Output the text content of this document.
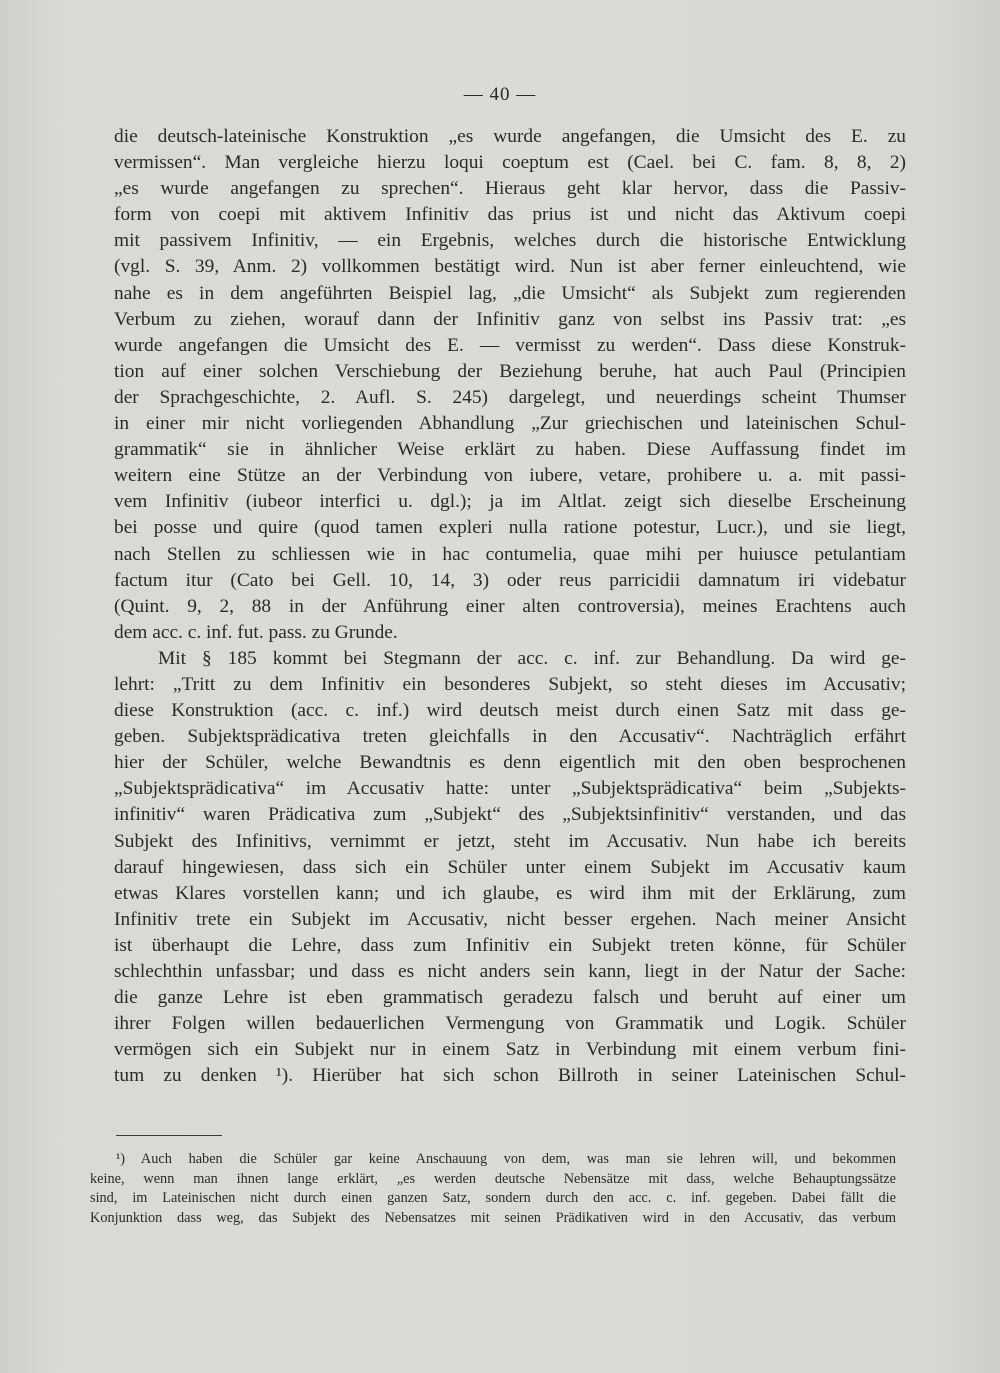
— 40 —
die deutsch-lateinische Konstruktion „es wurde angefangen, die Umsicht des E. zu
vermissen“. Man vergleiche hierzu loqui coeptum est (Cael. bei C. fam. 8, 8, 2)
„es wurde angefangen zu sprechen“. Hieraus geht klar hervor, dass die Passiv-
form von coepi mit aktivem Infinitiv das prius ist und nicht das Aktivum coepi
mit passivem Infinitiv, — ein Ergebnis, welches durch die historische Entwicklung
(vgl. S. 39, Anm. 2) vollkommen bestätigt wird. Nun ist aber ferner einleuchtend, wie
nahe es in dem angeführten Beispiel lag, „die Umsicht“ als Subjekt zum regierenden
Verbum zu ziehen, worauf dann der Infinitiv ganz von selbst ins Passiv trat: „es
wurde angefangen die Umsicht des E. — vermisst zu werden“. Dass diese Konstruk-
tion auf einer solchen Verschiebung der Beziehung beruhe, hat auch Paul (Principien
der Sprachgeschichte, 2. Aufl. S. 245) dargelegt, und neuerdings scheint Thumser
in einer mir nicht vorliegenden Abhandlung „Zur griechischen und lateinischen Schul-
grammatik“ sie in ähnlicher Weise erklärt zu haben. Diese Auffassung findet im
weitern eine Stütze an der Verbindung von iubere, vetare, prohibere u. a. mit passi-
vem Infinitiv (iubeor interfici u. dgl.); ja im Altlat. zeigt sich dieselbe Erscheinung
bei posse und quire (quod tamen expleri nulla ratione potestur, Lucr.), und sie liegt,
nach Stellen zu schliessen wie in hac contumelia, quae mihi per huiusce petulantiam
factum itur (Cato bei Gell. 10, 14, 3) oder reus parricidii damnatum iri videbatur
(Quint. 9, 2, 88 in der Anführung einer alten controversia), meines Erachtens auch
dem acc. c. inf. fut. pass. zu Grunde.
Mit § 185 kommt bei Stegmann der acc. c. inf. zur Behandlung. Da wird ge-
lehrt: „Tritt zu dem Infinitiv ein besonderes Subjekt, so steht dieses im Accusativ;
diese Konstruktion (acc. c. inf.) wird deutsch meist durch einen Satz mit dass ge-
geben. Subjektsprädicativa treten gleichfalls in den Accusativ“. Nachträglich erfährt
hier der Schüler, welche Bewandtnis es denn eigentlich mit den oben besprochenen
„Subjektsprädicativa“ im Accusativ hatte: unter „Subjektsprädicativa“ beim „Subjekts-
infinitiv“ waren Prädicativa zum „Subjekt“ des „Subjektsinfinitiv“ verstanden, und das
Subjekt des Infinitivs, vernimmt er jetzt, steht im Accusativ. Nun habe ich bereits
darauf hingewiesen, dass sich ein Schüler unter einem Subjekt im Accusativ kaum
etwas Klares vorstellen kann; und ich glaube, es wird ihm mit der Erklärung, zum
Infinitiv trete ein Subjekt im Accusativ, nicht besser ergehen. Nach meiner Ansicht
ist überhaupt die Lehre, dass zum Infinitiv ein Subjekt treten könne, für Schüler
schlechthin unfassbar; und dass es nicht anders sein kann, liegt in der Natur der Sache:
die ganze Lehre ist eben grammatisch geradezu falsch und beruht auf einer um
ihrer Folgen willen bedauerlichen Vermengung von Grammatik und Logik. Schüler
vermögen sich ein Subjekt nur in einem Satz in Verbindung mit einem verbum fini-
tum zu denken ¹). Hierüber hat sich schon Billroth in seiner Lateinischen Schul-
¹) Auch haben die Schüler gar keine Anschauung von dem, was man sie lehren will, und bekommen
keine, wenn man ihnen lange erklärt, „es werden deutsche Nebensätze mit dass, welche Behauptungssätze
sind, im Lateinischen nicht durch einen ganzen Satz, sondern durch den acc. c. inf. gegeben. Dabei fällt die
Konjunktion dass weg, das Subjekt des Nebensatzes mit seinen Prädikativen wird in den Accusativ, das verbum
